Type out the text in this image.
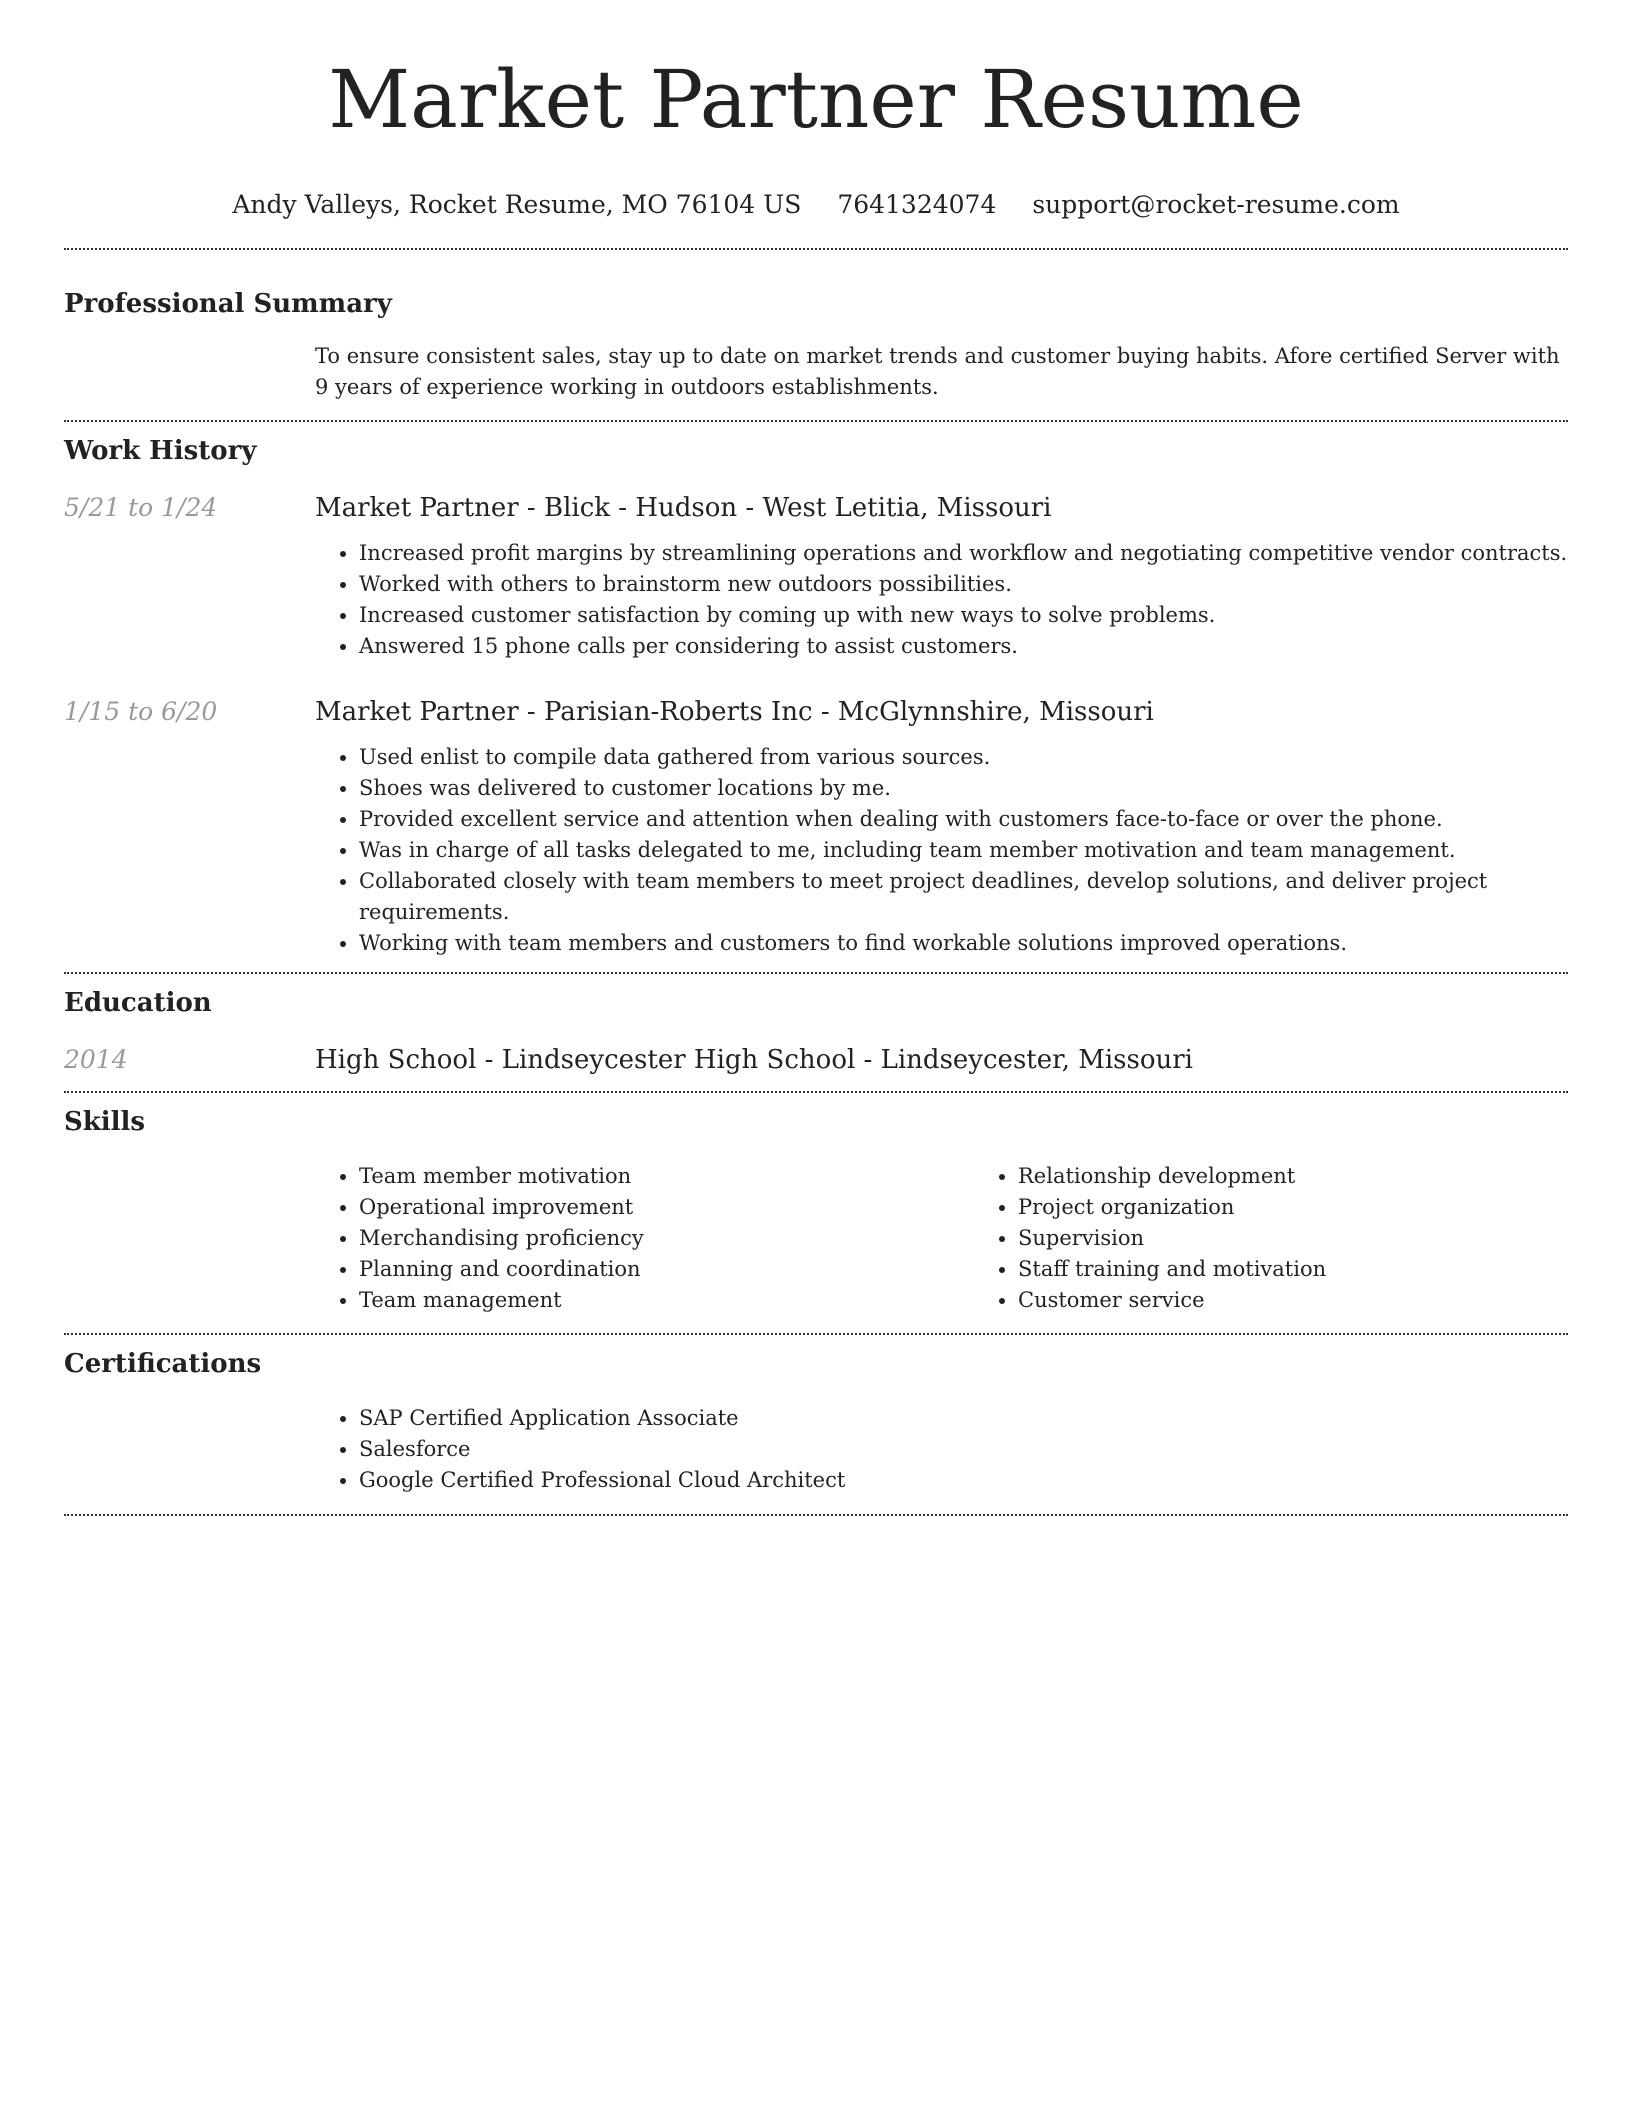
Market Partner Resume
Andy Valleys, Rocket Resume, MO 76104 US 7641324074 support@rocket-resume.com
Professional Summary
To ensure consistent sales, stay up to date on market trends and customer buying habits. Afore certified Server with 9 years of experience working in outdoors establishments.
Work History
5/21 to 1/24	Market Partner - Blick - Hudson - West Letitia, Missouri
• Increased profit margins by streamlining operations and workflow and negotiating competitive vendor contracts.
• Worked with others to brainstorm new outdoors possibilities.
• Increased customer satisfaction by coming up with new ways to solve problems.
• Answered 15 phone calls per considering to assist customers.
1/15 to 6/20	Market Partner - Parisian-Roberts Inc - McGlynnshire, Missouri
• Used enlist to compile data gathered from various sources.
• Shoes was delivered to customer locations by me.
• Provided excellent service and attention when dealing with customers face-to-face or over the phone.
• Was in charge of all tasks delegated to me, including team member motivation and team management.
• Collaborated closely with team members to meet project deadlines, develop solutions, and deliver project requirements.
• Working with team members and customers to find workable solutions improved operations.
Education
2014	High School - Lindseycester High School - Lindseycester, Missouri
Skills
• Team member motivation
• Operational improvement
• Merchandising proficiency
• Planning and coordination
• Team management
• Relationship development
• Project organization
• Supervision
• Staff training and motivation
• Customer service
Certifications
• SAP Certified Application Associate
• Salesforce
• Google Certified Professional Cloud Architect
